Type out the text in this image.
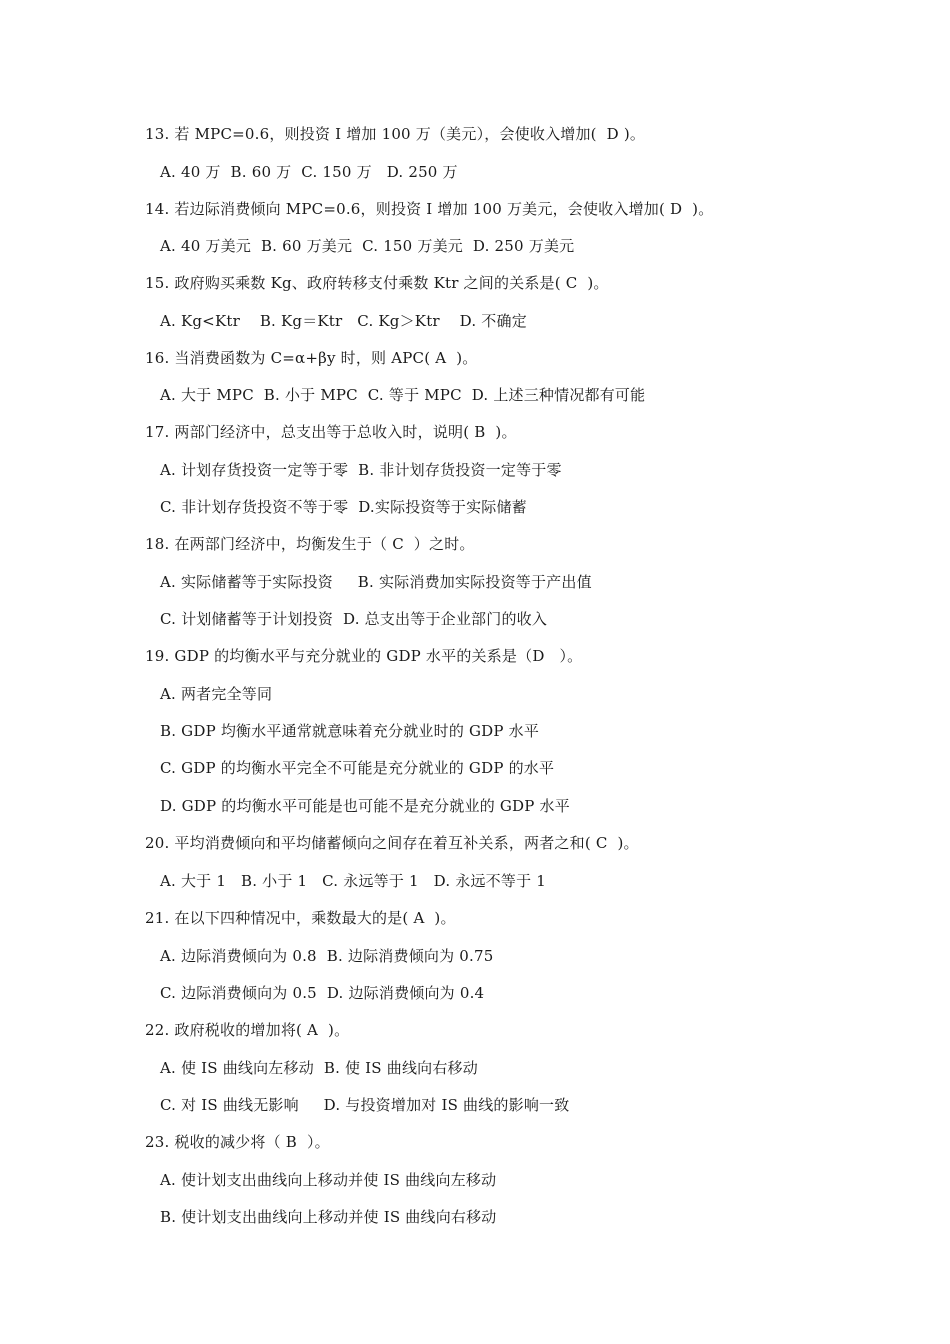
13. 若 MPC=0.6，则投资 I 增加 100 万（美元），会使收入增加(  D )。
A. 40 万  B. 60 万  C. 150 万   D. 250 万
14. 若边际消费倾向 MPC=0.6，则投资 I 增加 100 万美元，会使收入增加( D  )。
A. 40 万美元  B. 60 万美元  C. 150 万美元  D. 250 万美元
15. 政府购买乘数 Kg、政府转移支付乘数 Ktr 之间的关系是( C  )。
A. Kg<Ktr    B. Kg＝Ktr   C. Kg＞Ktr    D. 不确定
16. 当消费函数为 C=α+βy 时，则 APC( A  )。
A. 大于 MPC  B. 小于 MPC  C. 等于 MPC  D. 上述三种情况都有可能
17. 两部门经济中，总支出等于总收入时，说明( B  )。
A. 计划存货投资一定等于零  B. 非计划存货投资一定等于零
C. 非计划存货投资不等于零  D.实际投资等于实际储蓄
18. 在两部门经济中，均衡发生于（ C  ）之时。
A. 实际储蓄等于实际投资     B. 实际消费加实际投资等于产出值
C. 计划储蓄等于计划投资  D. 总支出等于企业部门的收入
19. GDP 的均衡水平与充分就业的 GDP 水平的关系是（D   ）。
A. 两者完全等同
B. GDP 均衡水平通常就意味着充分就业时的 GDP 水平
C. GDP 的均衡水平完全不可能是充分就业的 GDP 的水平
D. GDP 的均衡水平可能是也可能不是充分就业的 GDP 水平
20. 平均消费倾向和平均储蓄倾向之间存在着互补关系，两者之和( C  )。
A. 大于 1   B. 小于 1   C. 永远等于 1   D. 永远不等于 1
21. 在以下四种情况中，乘数最大的是( A  )。
A. 边际消费倾向为 0.8  B. 边际消费倾向为 0.75
C. 边际消费倾向为 0.5  D. 边际消费倾向为 0.4
22. 政府税收的增加将( A  )。
A. 使 IS 曲线向左移动  B. 使 IS 曲线向右移动
C. 对 IS 曲线无影响     D. 与投资增加对 IS 曲线的影响一致
23. 税收的减少将（ B  ）。
A. 使计划支出曲线向上移动并使 IS 曲线向左移动
B. 使计划支出曲线向上移动并使 IS 曲线向右移动
